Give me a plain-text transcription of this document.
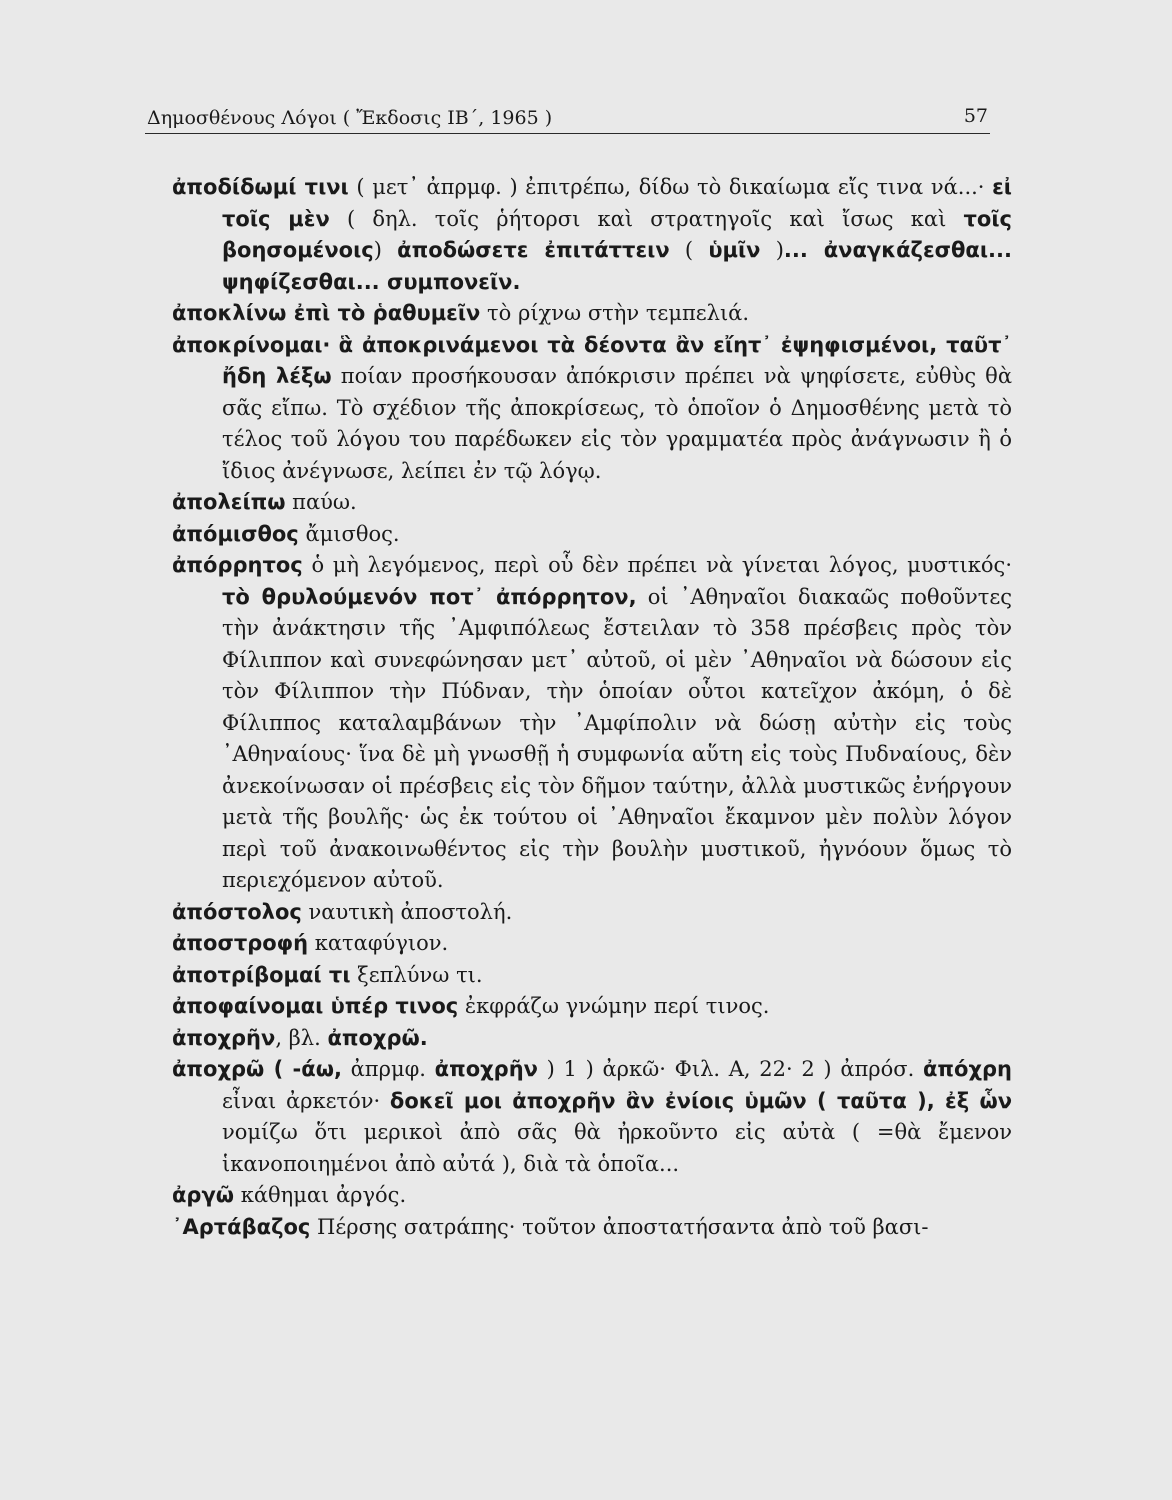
Δημοσθένους Λόγοι ( Ἔκδοσις ΙΒ΄, 1965 )	57

ἀποδίδωμί τινι ( μετ᾽ ἀπρμφ. ) ἐπιτρέπω, δίδω τὸ δικαίωμα εἴς τινα νά...· εἰ τοῖς μὲν ( δηλ. τοῖς ῥήτορσι καὶ στρατηγοῖς καὶ ἴσως καὶ τοῖς βοησομένοις) ἀποδώσετε ἐπιτάττειν ( ὑμῖν )... ἀναγκάζεσθαι... ψηφίζεσθαι... συμπονεῖν.

ἀποκλίνω ἐπὶ τὸ ῥαθυμεῖν τὸ ρίχνω στὴν τεμπελιά.

ἀποκρίνομαι· ἃ ἀποκρινάμενοι τὰ δέοντα ἂν εἴητ᾽ ἐψηφισμένοι, ταῦτ᾽ ἤδη λέξω ποίαν προσήκουσαν ἀπόκρισιν πρέπει νὰ ψηφίσετε, εὐθὺς θὰ σᾶς εἴπω. Τὸ σχέδιον τῆς ἀποκρίσεως, τὸ ὁποῖον ὁ Δημοσθένης μετὰ τὸ τέλος τοῦ λόγου του παρέδωκεν εἰς τὸν γραμματέα πρὸς ἀνάγνωσιν ἢ ὁ ἴδιος ἀνέγνωσε, λείπει ἐν τῷ λόγῳ.

ἀπολείπω παύω.

ἀπόμισθος ἄμισθος.

ἀπόρρητος ὁ μὴ λεγόμενος, περὶ οὗ δὲν πρέπει νὰ γίνεται λόγος, μυστικός· τὸ θρυλούμενόν ποτ᾽ ἀπόρρητον, οἱ ᾽Αθηναῖοι διακαῶς ποθοῦντες τὴν ἀνάκτησιν τῆς ᾽Αμφιπόλεως ἔστειλαν τὸ 358 πρέσβεις πρὸς τὸν Φίλιππον καὶ συνεφώνησαν μετ᾽ αὐτοῦ, οἱ μὲν ᾽Αθηναῖοι νὰ δώσουν εἰς τὸν Φίλιππον τὴν Πύδναν, τὴν ὁποίαν οὗτοι κατεῖχον ἀκόμη, ὁ δὲ Φίλιππος καταλαμβάνων τὴν ᾽Αμφίπολιν νὰ δώσῃ αὐτὴν εἰς τοὺς ᾽Αθηναίους· ἵνα δὲ μὴ γνωσθῇ ἡ συμφωνία αὕτη εἰς τοὺς Πυδναίους, δὲν ἀνεκοίνωσαν οἱ πρέσβεις εἰς τὸν δῆμον ταύτην, ἀλλὰ μυστικῶς ἐνήργουν μετὰ τῆς βουλῆς· ὡς ἐκ τούτου οἱ ᾽Αθηναῖοι ἔκαμνον μὲν πολὺν λόγον περὶ τοῦ ἀνακοινωθέντος εἰς τὴν βουλὴν μυστικοῦ, ἠγνόουν ὅμως τὸ περιεχόμενον αὐτοῦ.

ἀπόστολος ναυτικὴ ἀποστολή.

ἀποστροφή καταφύγιον.

ἀποτρίβομαί τι ξεπλύνω τι.

ἀποφαίνομαι ὑπέρ τινος ἐκφράζω γνώμην περί τινος.

ἀποχρῆν, βλ. ἀποχρῶ.

ἀποχρῶ ( -άω, ἀπρμφ. ἀποχρῆν ) 1 ) ἀρκῶ· Φιλ. Α, 22· 2 ) ἀπρόσ. ἀπόχρη εἶναι ἀρκετόν· δοκεῖ μοι ἀποχρῆν ἂν ἐνίοις ὑμῶν ( ταῦτα ), ἐξ ὧν νομίζω ὅτι μερικοὶ ἀπὸ σᾶς θὰ ἠρκοῦντο εἰς αὐτὰ ( =θὰ ἔμενον ἱκανοποιημένοι ἀπὸ αὐτά ), διὰ τὰ ὁποῖα...

ἀργῶ κάθημαι ἀργός.

᾽Αρτάβαζος Πέρσης σατράπης· τοῦτον ἀποστατήσαντα ἀπὸ τοῦ βασι-
